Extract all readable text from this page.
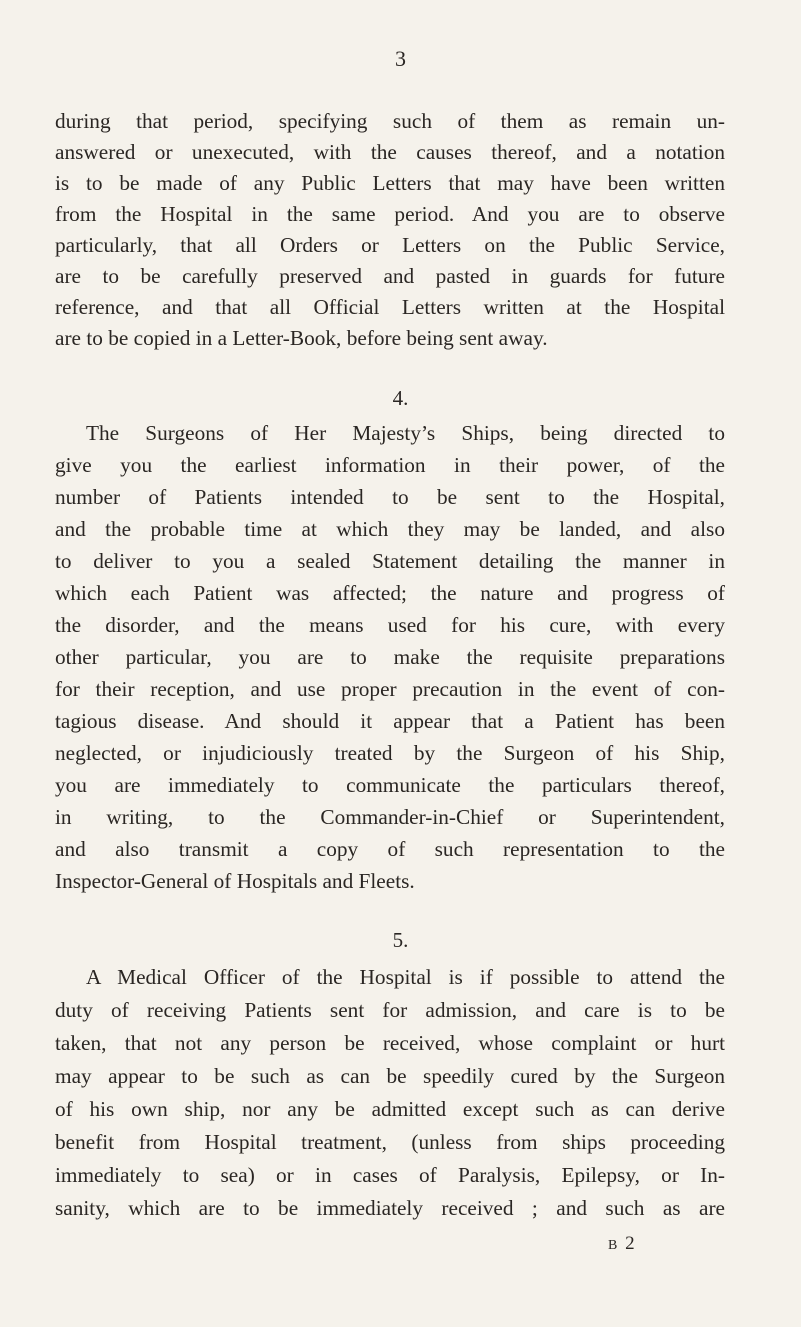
3
during that period, specifying such of them as remain un-
answered or unexecuted, with the causes thereof, and a notation
is to be made of any Public Letters that may have been written
from the Hospital in the same period. And you are to observe
particularly, that all Orders or Letters on the Public Service,
are to be carefully preserved and pasted in guards for future
reference, and that all Official Letters written at the Hospital
are to be copied in a Letter-Book, before being sent away.
4.
The Surgeons of Her Majesty’s Ships, being directed to
give you the earliest information in their power, of the
number of Patients intended to be sent to the Hospital,
and the probable time at which they may be landed, and also
to deliver to you a sealed Statement detailing the manner in
which each Patient was affected; the nature and progress of
the disorder, and the means used for his cure, with every
other particular, you are to make the requisite preparations
for their reception, and use proper precaution in the event of con-
tagious disease. And should it appear that a Patient has been
neglected, or injudiciously treated by the Surgeon of his Ship,
you are immediately to communicate the particulars thereof,
in writing, to the Commander-in-Chief or Superintendent,
and also transmit a copy of such representation to the
Inspector-General of Hospitals and Fleets.
5.
A Medical Officer of the Hospital is if possible to attend the
duty of receiving Patients sent for admission, and care is to be
taken, that not any person be received, whose complaint or hurt
may appear to be such as can be speedily cured by the Surgeon
of his own ship, nor any be admitted except such as can derive
benefit from Hospital treatment, (unless from ships proceeding
immediately to sea) or in cases of Paralysis, Epilepsy, or In-
sanity, which are to be immediately received ; and such as are
B 2
